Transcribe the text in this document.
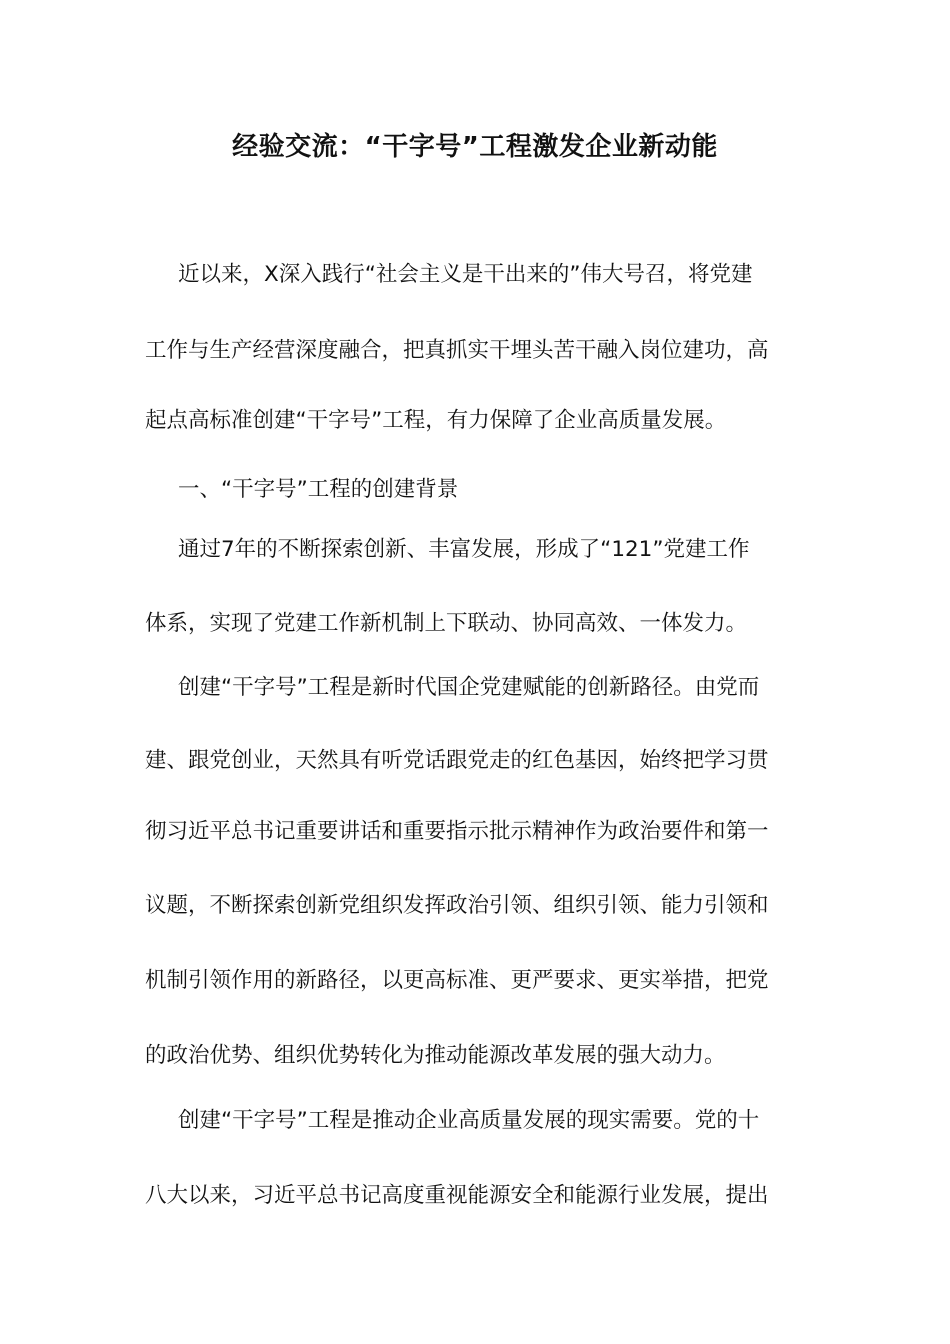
经验交流：“干字号”工程激发企业新动能
近以来，X深入践行“社会主义是干出来的”伟大号召，将党建
工作与生产经营深度融合，把真抓实干埋头苦干融入岗位建功，高
起点高标准创建“干字号”工程，有力保障了企业高质量发展。
一、“干字号”工程的创建背景
通过7年的不断探索创新、丰富发展，形成了“121”党建工作
体系，实现了党建工作新机制上下联动、协同高效、一体发力。
创建“干字号”工程是新时代国企党建赋能的创新路径。由党而
建、跟党创业，天然具有听党话跟党走的红色基因，始终把学习贯
彻习近平总书记重要讲话和重要指示批示精神作为政治要件和第一
议题，不断探索创新党组织发挥政治引领、组织引领、能力引领和
机制引领作用的新路径，以更高标准、更严要求、更实举措，把党
的政治优势、组织优势转化为推动能源改革发展的强大动力。
创建“干字号”工程是推动企业高质量发展的现实需要。党的十
八大以来，习近平总书记高度重视能源安全和能源行业发展，提出
